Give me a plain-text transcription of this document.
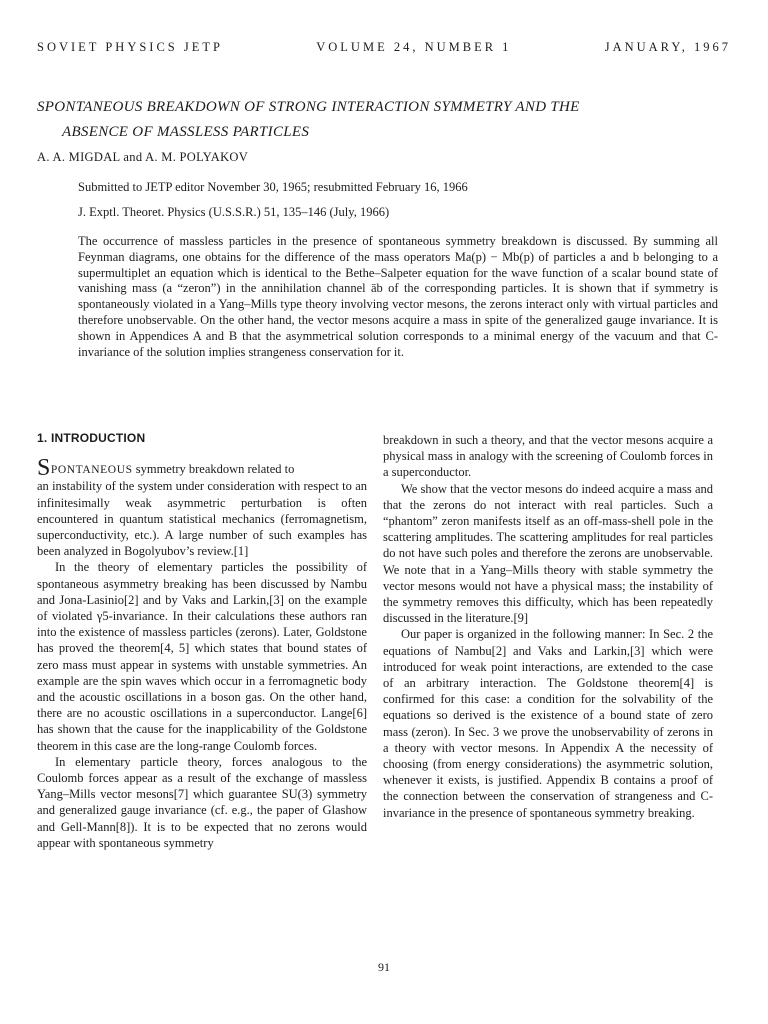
SOVIET PHYSICS JETP	VOLUME 24, NUMBER 1	JANUARY, 1967
SPONTANEOUS BREAKDOWN OF STRONG INTERACTION SYMMETRY AND THE
ABSENCE OF MASSLESS PARTICLES
A. A. MIGDAL and A. M. POLYAKOV
Submitted to JETP editor November 30, 1965; resubmitted February 16, 1966
J. Exptl. Theoret. Physics (U.S.S.R.) 51, 135–146 (July, 1966)
The occurrence of massless particles in the presence of spontaneous symmetry breakdown is discussed. By summing all Feynman diagrams, one obtains for the difference of the mass operators Ma(p) − Mb(p) of particles a and b belonging to a supermultiplet an equation which is identical to the Bethe–Salpeter equation for the wave function of a scalar bound state of vanishing mass (a “zeron”) in the annihilation channel āb of the corresponding particles. It is shown that if symmetry is spontaneously violated in a Yang–Mills type theory involving vector mesons, the zerons interact only with virtual particles and therefore unobservable. On the other hand, the vector mesons acquire a mass in spite of the generalized gauge invariance. It is shown in Appendices A and B that the asymmetrical solution corresponds to a minimal energy of the vacuum and that C-invariance of the solution implies strangeness conservation for it.
1. INTRODUCTION

SPONTANEOUS symmetry breakdown related to

an instability of the system under consideration with respect to an infinitesimally weak asymmetric perturbation is often encountered in quantum statistical mechanics (ferromagnetism, superconductivity, etc.). A large number of such examples has been analyzed in Bogolyubov’s review.[1]

In the theory of elementary particles the possibility of spontaneous asymmetry breaking has been discussed by Nambu and Jona-Lasinio[2] and by Vaks and Larkin,[3] on the example of violated γ5-invariance. In their calculations these authors ran into the existence of massless particles (zerons). Later, Goldstone has proved the theorem[4, 5] which states that bound states of zero mass must appear in systems with unstable symmetries. An example are the spin waves which occur in a ferromagnetic body and the acoustic oscillations in a boson gas. On the other hand, there are no acoustic oscillations in a superconductor. Lange[6] has shown that the cause for the inapplicability of the Goldstone theorem in this case are the long-range Coulomb forces.

In elementary particle theory, forces analogous to the Coulomb forces appear as a result of the exchange of massless Yang–Mills vector mesons[7] which guarantee SU(3) symmetry and generalized gauge invariance (cf. e.g., the paper of Glashow and Gell-Mann[8]). It is to be expected that no zerons would appear with spontaneous symmetry

breakdown in such a theory, and that the vector mesons acquire a physical mass in analogy with the screening of Coulomb forces in a superconductor.

We show that the vector mesons do indeed acquire a mass and that the zerons do not interact with real particles. Such a “phantom” zeron manifests itself as an off-mass-shell pole in the scattering amplitudes. The scattering amplitudes for real particles do not have such poles and therefore the zerons are unobservable. We note that in a Yang–Mills theory with stable symmetry the vector mesons would not have a physical mass; the instability of the symmetry removes this difficulty, which has been repeatedly discussed in the literature.[9]

Our paper is organized in the following manner: In Sec. 2 the equations of Nambu[2] and Vaks and Larkin,[3] which were introduced for weak point interactions, are extended to the case of an arbitrary interaction. The Goldstone theorem[4] is confirmed for this case: a condition for the solvability of the equations so derived is the existence of a bound state of zero mass (zeron). In Sec. 3 we prove the unobservability of zerons in a theory with vector mesons. In Appendix A the necessity of choosing (from energy considerations) the asymmetric solution, whenever it exists, is justified. Appendix B contains a proof of the connection between the conservation of strangeness and C-invariance in the presence of spontaneous symmetry breaking.

91
